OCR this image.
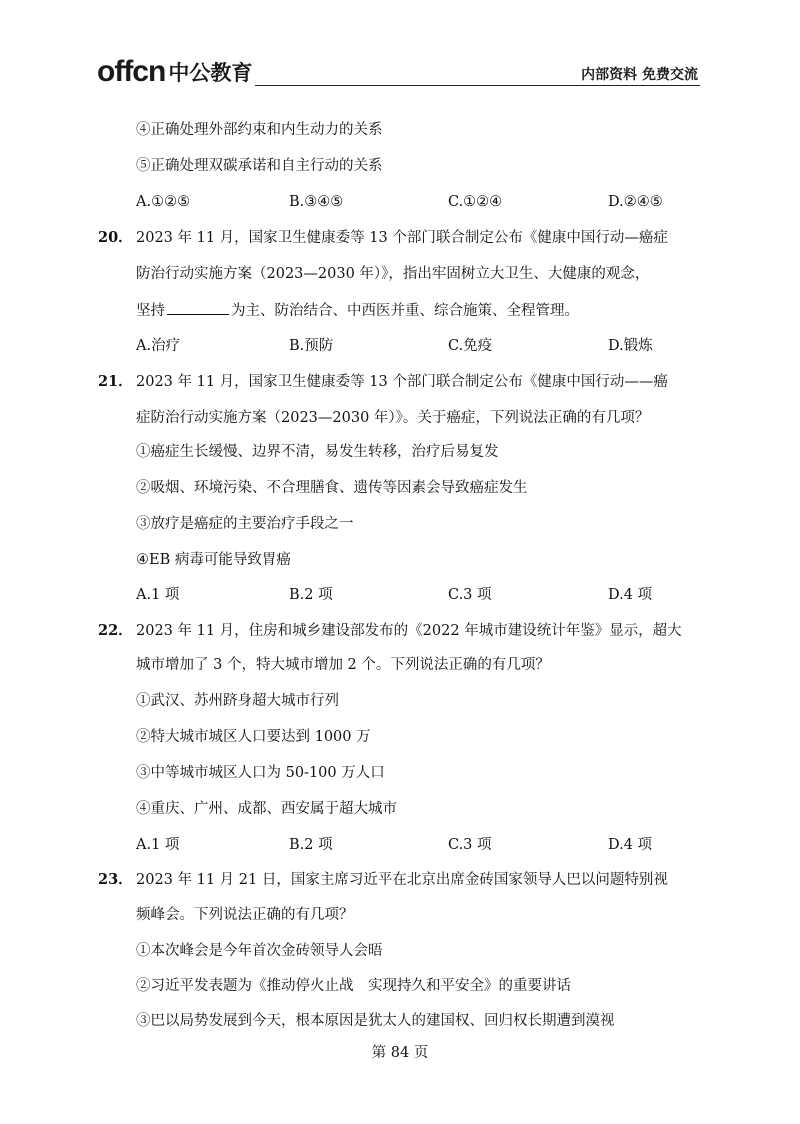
offcn 中公教育	内部资料 免费交流
④正确处理外部约束和内生动力的关系
⑤正确处理双碳承诺和自主行动的关系
A.①②⑤	B.③④⑤	C.①②④	D.②④⑤
20． 2023 年 11 月，国家卫生健康委等 13 个部门联合制定公布《健康中国行动—癌症
防治行动实施方案（2023—2030 年）》，指出牢固树立大卫生、大健康的观念，
坚持	为主、防治结合、中西医并重、综合施策、全程管理。
A.治疗	B.预防	C.免疫	D.锻炼
21． 2023 年 11 月，国家卫生健康委等 13 个部门联合制定公布《健康中国行动——癌
症防治行动实施方案（2023—2030 年）》。关于癌症，下列说法正确的有几项？
①癌症生长缓慢、边界不清，易发生转移，治疗后易复发
②吸烟、环境污染、不合理膳食、遗传等因素会导致癌症发生
③放疗是癌症的主要治疗手段之一
④EB 病毒可能导致胃癌
A.1 项	B.2 项	C.3 项	D.4 项
22． 2023 年 11 月，住房和城乡建设部发布的《2022 年城市建设统计年鉴》显示，超大
城市增加了 3 个，特大城市增加 2 个。下列说法正确的有几项？
①武汉、苏州跻身超大城市行列
②特大城市城区人口要达到 1000 万
③中等城市城区人口为 50-100 万人口
④重庆、广州、成都、西安属于超大城市
A.1 项	B.2 项	C.3 项	D.4 项
23． 2023 年 11 月 21 日，国家主席习近平在北京出席金砖国家领导人巴以问题特别视
频峰会。下列说法正确的有几项？
①本次峰会是今年首次金砖领导人会晤
②习近平发表题为《推动停火止战　实现持久和平安全》的重要讲话
③巴以局势发展到今天，根本原因是犹太人的建国权、回归权长期遭到漠视
第 84 页
